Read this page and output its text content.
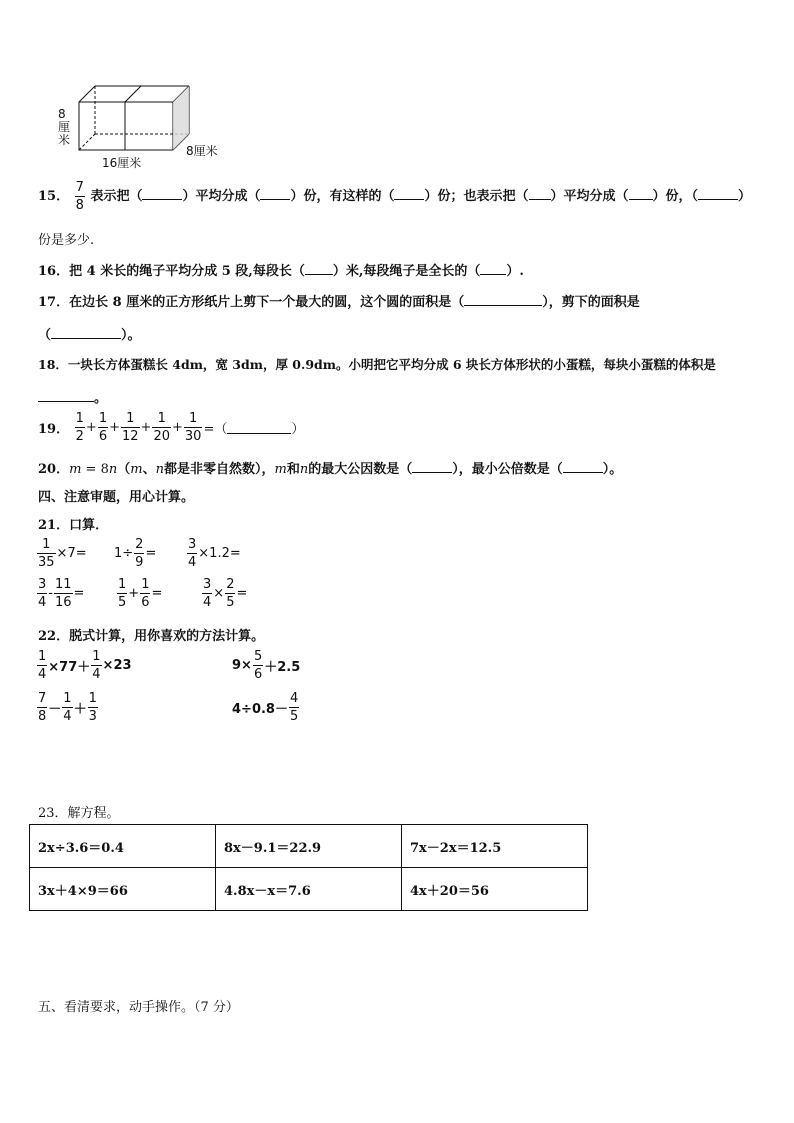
8
厘
米
16厘米
8厘米
15． $\frac{7}{8}$ 表示把（	）平均分成（ ）份，有这样的（ ）份；也表示把（ ）平均分成（ ）份，（	）
份是多少.
16．把 4 米长的绳子平均分成 5 段,每段长（ ）米,每段绳子是全长的（ ）.
17．在边长 8 厘米的正方形纸片上剪下一个最大的圆，这个圆的面积是（	），剪下的面积是
（	）。
18．一块长方体蛋糕长 4dm，宽 3dm，厚 0.9dm。小明把它平均分成 6 块长方体形状的小蛋糕，每块小蛋糕的体积是
。
19． $\frac{1}{2} + \frac{1}{6} + \frac{1}{12} + \frac{1}{20} + \frac{1}{30}$ =（	）
20．m = 8n（m、n都是非零自然数），m和n的最大公因数是（	），最小公倍数是（	）。
四、注意审题，用心计算。
21．口算．
$\frac{1}{35} \times 7= 1\div \frac{2}{9} = \frac{3}{4} \times 1.2=$
$\frac{3}{4} - \frac{11}{16}$ =	$\frac{1}{5} + \frac{1}{6}$ =	$\frac{3}{4} \times \frac{2}{5}$ =
22．脱式计算，用你喜欢的方法计算。
$\frac{1}{4} \times 77+ \frac{1}{4} \times 23$	$9\times \frac{5}{6} +2.5$
$\frac{7}{8} - \frac{1}{4} + \frac{1}{3}$	$4\div 0.8- \frac{4}{5}$
23．解方程。
2x÷3.6＝0.4	8x－9.1＝22.9	7x－2x＝12.5
3x＋4×9＝66	4.8x－x＝7.6	4x＋20＝56
五、看清要求，动手操作。（7 分）
